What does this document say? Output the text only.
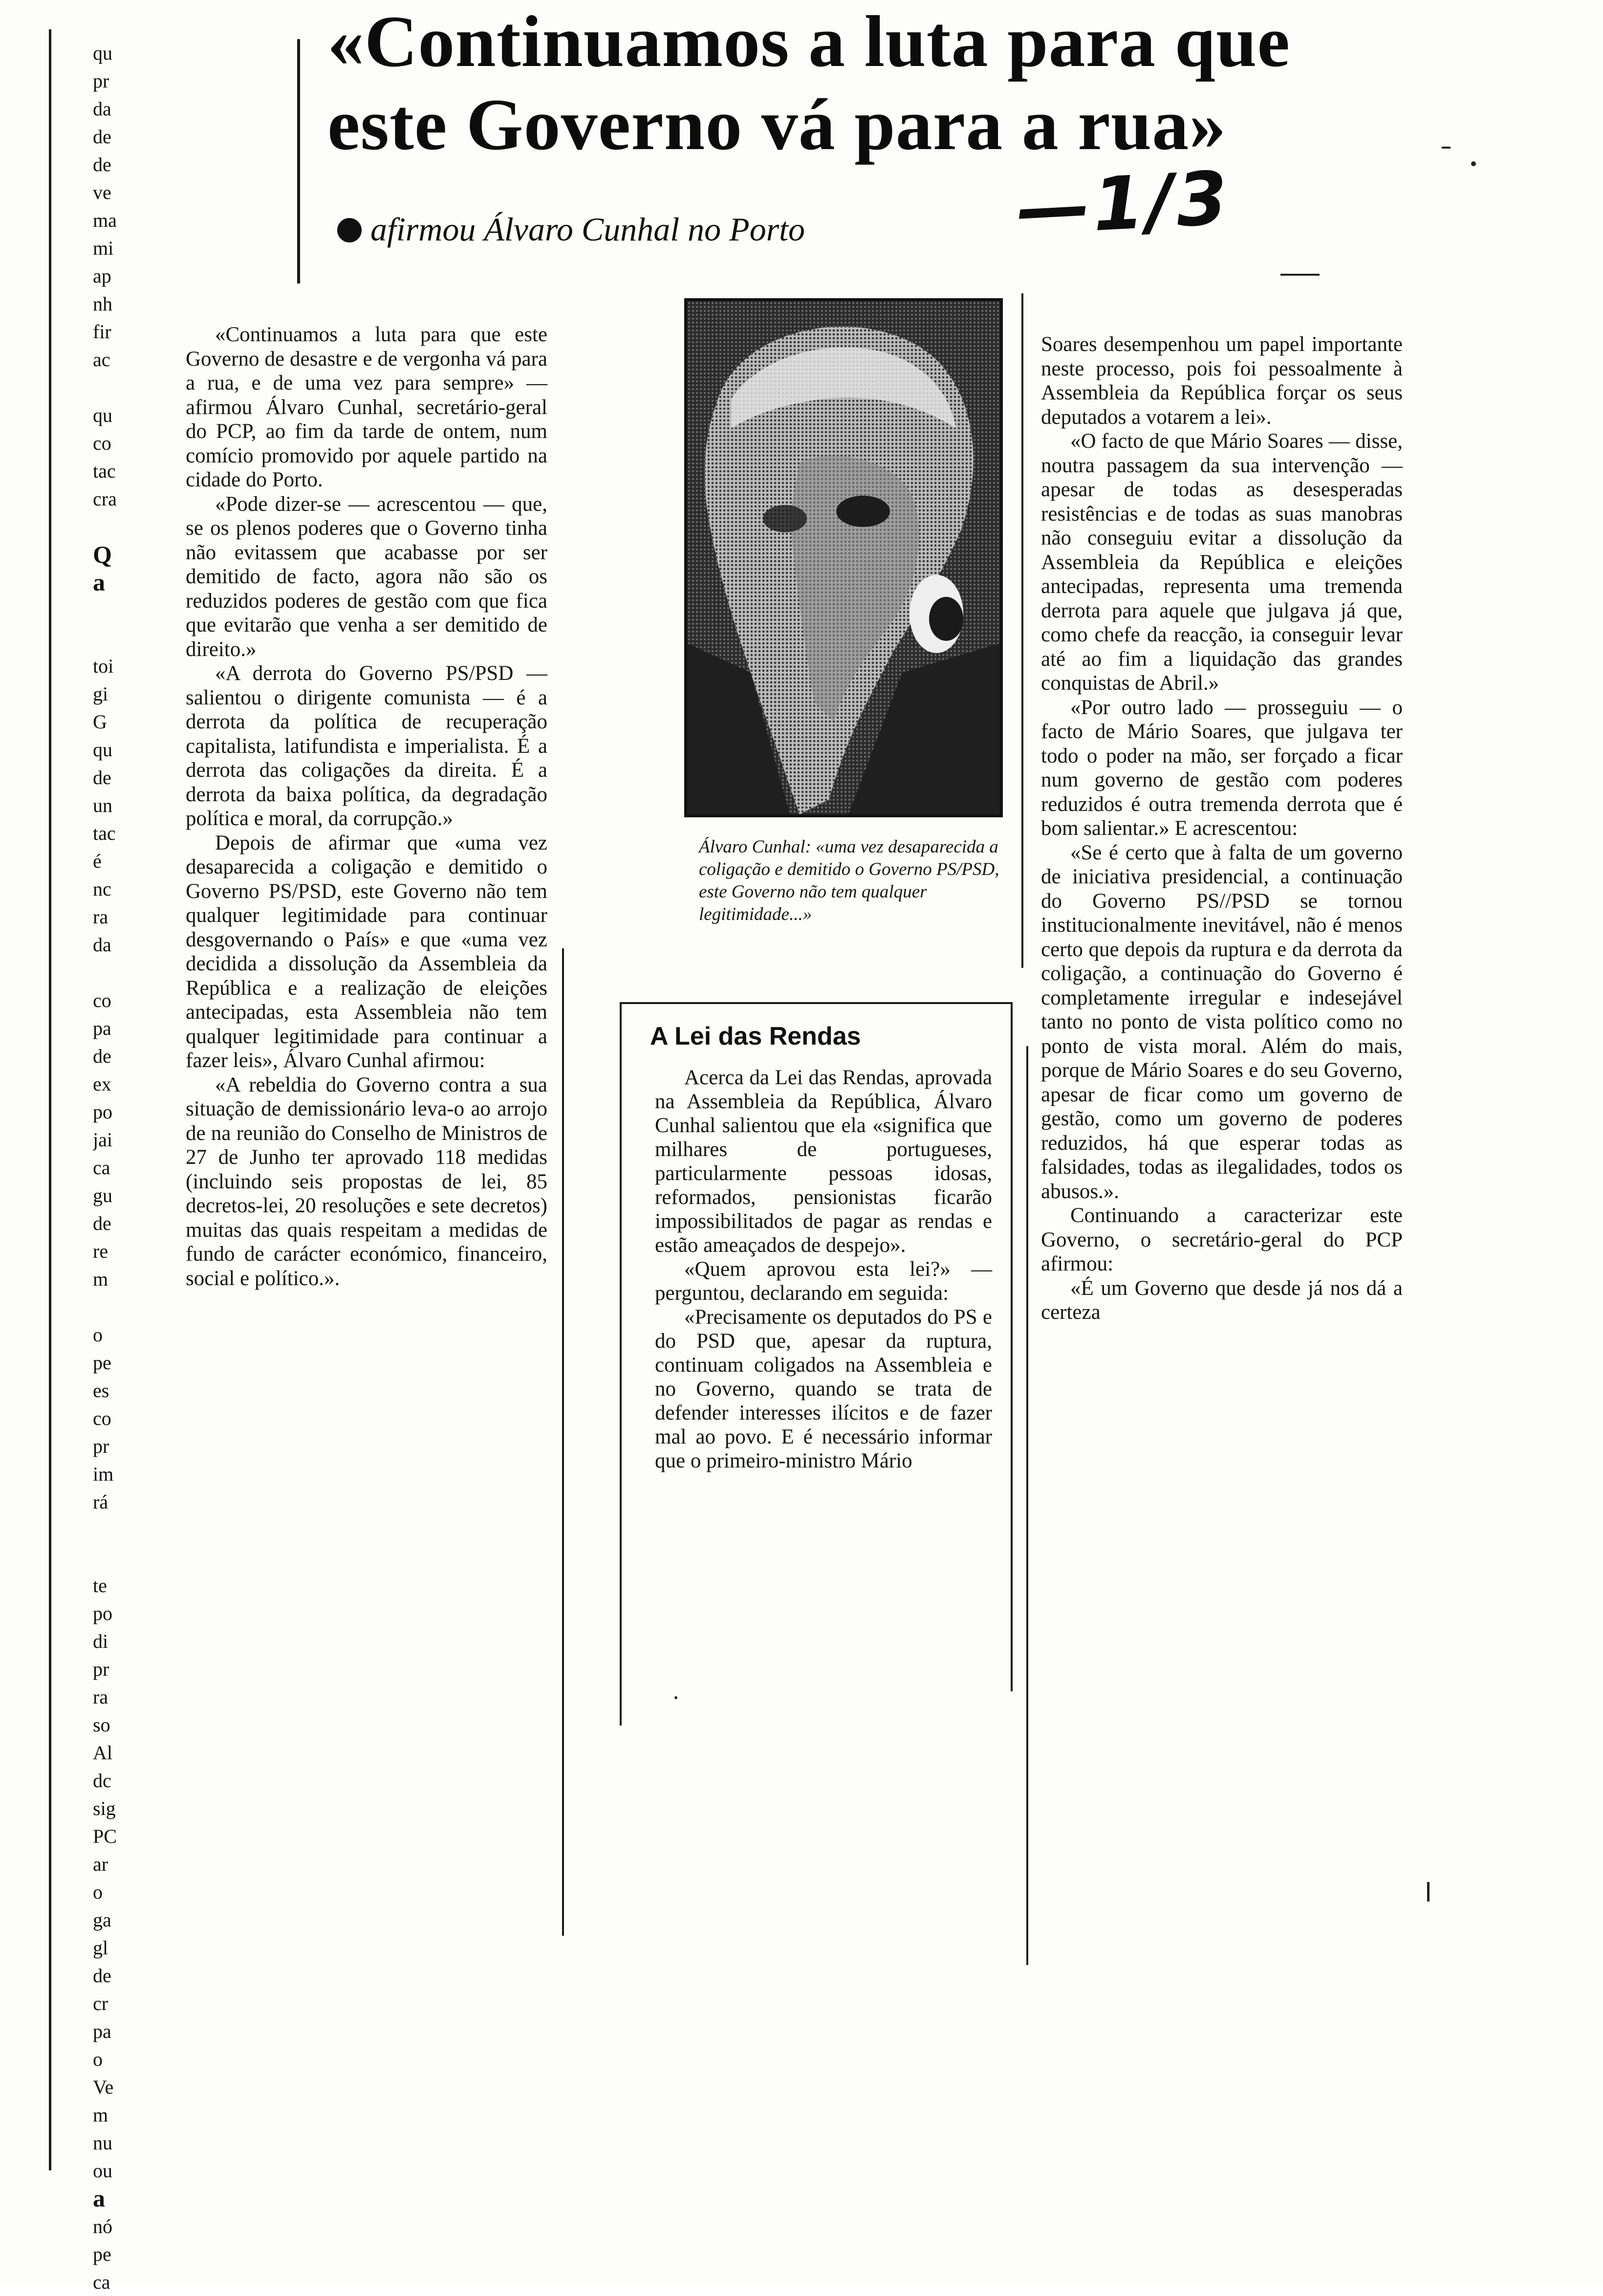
qu
pr
da
de
de
ve
ma
mi
ap
nh
fir
ac
qu
co
tac
cra
Q
a
toi
gi
G
qu
de
un
tac
é
nc
ra
da
co
pa
de
ex
po
jai
ca
gu
de
re
m
o
pe
es
co
pr
im
rá
te
po
di
pr
ra
so
Al
dc
sig
PC
ar
o
ga
gl
de
cr
pa
o
Ve
m
nu
ou
a
nó
pe
ca
«Continuamos a luta para que
este Governo vá para a rua»
afirmou Álvaro Cunhal no Porto	—1/3

«Continuamos a luta para que este Governo de desastre e de vergonha vá para a rua, e de uma vez para sempre» — afirmou Álvaro Cunhal, secretário-geral do PCP, ao fim da tarde de ontem, num comício promovido por aquele partido na cidade do Porto.

«Pode dizer-se — acrescentou — que, se os plenos poderes que o Governo tinha não evitassem que acabasse por ser demitido de facto, agora não são os reduzidos poderes de gestão com que fica que evitarão que venha a ser demitido de direito.»

«A derrota do Governo PS/PSD — salientou o dirigente comunista — é a derrota da política de recuperação capitalista, latifundista e imperialista. É a derrota das coligações da direita. É a derrota da baixa política, da degradação política e moral, da corrupção.»

Depois de afirmar que «uma vez desaparecida a coligação e demitido o Governo PS/PSD, este Governo não tem qualquer legitimidade para continuar desgovernando o País» e que «uma vez decidida a dissolução da Assembleia da República e a realização de eleições antecipadas, esta Assembleia não tem qualquer legitimidade para continuar a fazer leis», Álvaro Cunhal afirmou:

«A rebeldia do Governo contra a sua situação de demissionário leva-o ao arrojo de na reunião do Conselho de Ministros de 27 de Junho ter aprovado 118 medidas (incluindo seis propostas de lei, 85 decretos-lei, 20 resoluções e sete decretos) muitas das quais respeitam a medidas de fundo de carácter económico, financeiro, social e político.».

Álvaro Cunhal: «uma vez desaparecida a coligação e demitido o Governo PS/PSD, este Governo não tem qualquer legitimidade...»
A Lei das Rendas

Acerca da Lei das Rendas, aprovada na Assembleia da República, Álvaro Cunhal salientou que ela «significa que milhares de portugueses, particularmente pessoas idosas, reformados, pensionistas ficarão impossibilitados de pagar as rendas e estão ameaçados de despejo».

«Quem aprovou esta lei?» — perguntou, declarando em seguida:

«Precisamente os deputados do PS e do PSD que, apesar da ruptura, continuam coligados na Assembleia e no Governo, quando se trata de defender interesses ilícitos e de fazer mal ao povo. E é necessário informar que o primeiro-ministro Mário

Soares desempenhou um papel importante neste processo, pois foi pessoalmente à Assembleia da República forçar os seus deputados a votarem a lei».

«O facto de que Mário Soares — disse, noutra passagem da sua intervenção — apesar de todas as desesperadas resistências e de todas as suas manobras não conseguiu evitar a dissolução da Assembleia da República e eleições antecipadas, representa uma tremenda derrota para aquele que julgava já que, como chefe da reacção, ia conseguir levar até ao fim a liquidação das grandes conquistas de Abril.»

«Por outro lado — prosseguiu — o facto de Mário Soares, que julgava ter todo o poder na mão, ser forçado a ficar num governo de gestão com poderes reduzidos é outra tremenda derrota que é bom salientar.» E acrescentou:

«Se é certo que à falta de um governo de iniciativa presidencial, a continuação do Governo PS//PSD se tornou institucionalmente inevitável, não é menos certo que depois da ruptura e da derrota da coligação, a continuação do Governo é completamente irregular e indesejável tanto no ponto de vista político como no ponto de vista moral. Além do mais, porque de Mário Soares e do seu Governo, apesar de ficar como um governo de gestão, como um governo de poderes reduzidos, há que esperar todas as falsidades, todas as ilegalidades, todos os abusos.».

Continuando a caracterizar este Governo, o secretário-geral do PCP afirmou:

«É um Governo que desde já nos dá a certeza
